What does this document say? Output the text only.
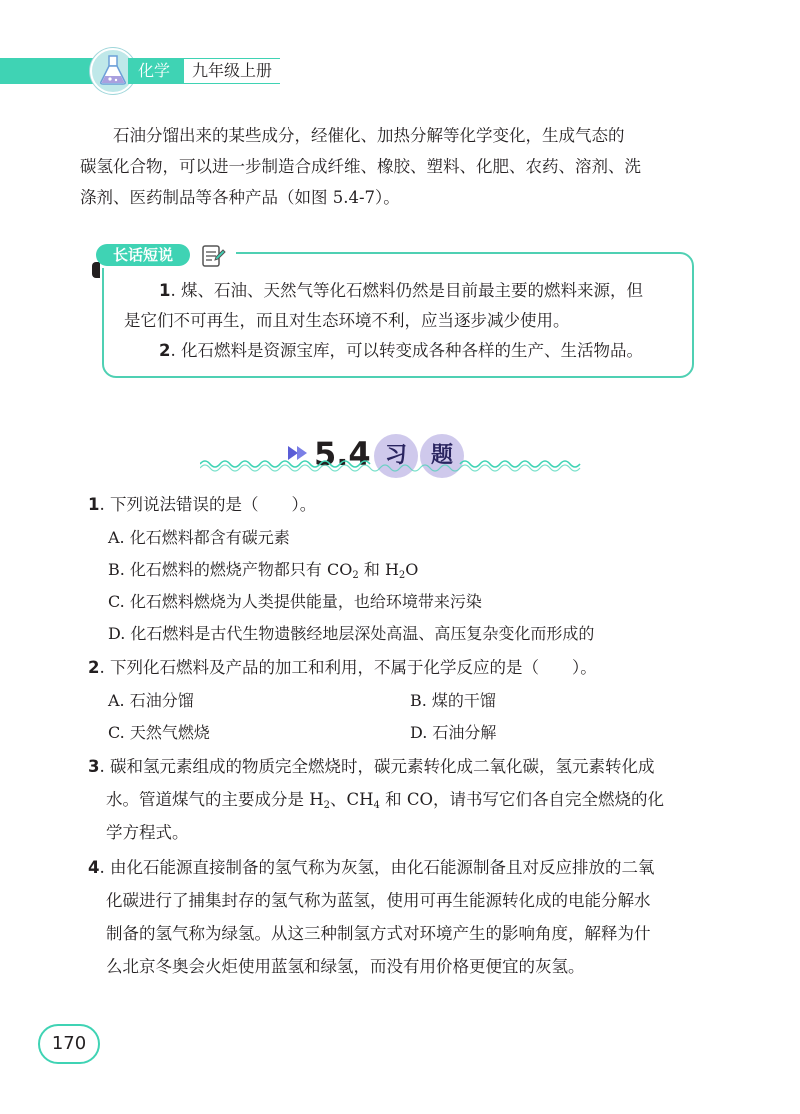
化学	九年级上册
石油分馏出来的某些成分，经催化、加热分解等化学变化，生成气态的
碳氢化合物，可以进一步制造合成纤维、橡胶、塑料、化肥、农药、溶剂、洗
涤剂、医药制品等各种产品（如图 5.4-7）。
长话短说
1. 煤、石油、天然气等化石燃料仍然是目前最主要的燃料来源，但
是它们不可再生，而且对生态环境不利，应当逐步减少使用。
2. 化石燃料是资源宝库，可以转变成各种各样的生产、生活物品。
5.4 习	题
1. 下列说法错误的是（　　）。
A. 化石燃料都含有碳元素
B. 化石燃料的燃烧产物都只有 $CO_2$ 和 $H_2O$
C. 化石燃料燃烧为人类提供能量，也给环境带来污染
D. 化石燃料是古代生物遗骸经地层深处高温、高压复杂变化而形成的
2. 下列化石燃料及产品的加工和利用，不属于化学反应的是（　　）。
A. 石油分馏	B. 煤的干馏
C. 天然气燃烧	D. 石油分解
3. 碳和氢元素组成的物质完全燃烧时，碳元素转化成二氧化碳，氢元素转化成
水。管道煤气的主要成分是 $H_2$、$CH_4$ 和 CO，请书写它们各自完全燃烧的化
学方程式。
4. 由化石能源直接制备的氢气称为灰氢，由化石能源制备且对反应排放的二氧
化碳进行了捕集封存的氢气称为蓝氢，使用可再生能源转化成的电能分解水
制备的氢气称为绿氢。从这三种制氢方式对环境产生的影响角度，解释为什
么北京冬奥会火炬使用蓝氢和绿氢，而没有用价格更便宜的灰氢。
170
